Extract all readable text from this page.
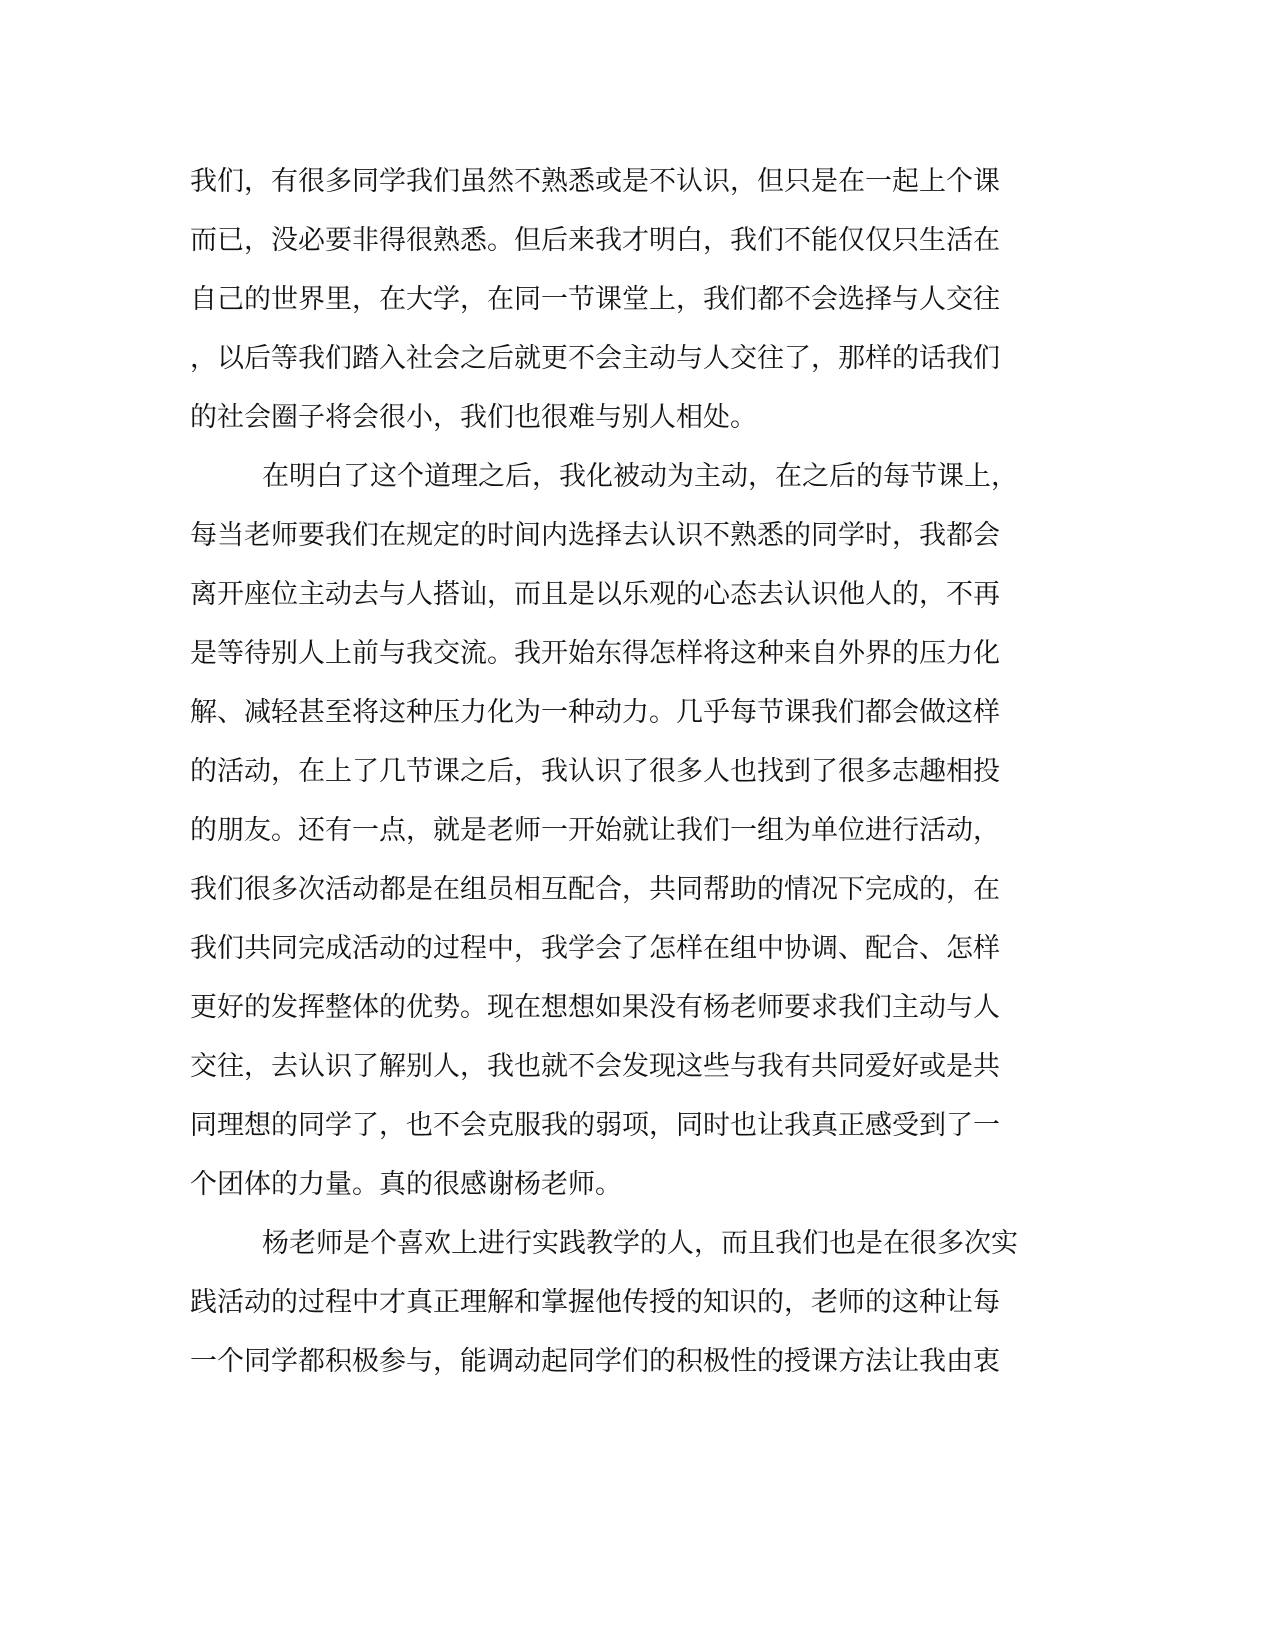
我们，有很多同学我们虽然不熟悉或是不认识，但只是在一起上个课

而已，没必要非得很熟悉。但后来我才明白，我们不能仅仅只生活在

自己的世界里，在大学，在同一节课堂上，我们都不会选择与人交往

，以后等我们踏入社会之后就更不会主动与人交往了，那样的话我们

的社会圈子将会很小，我们也很难与别人相处。

在明白了这个道理之后，我化被动为主动，在之后的每节课上，

每当老师要我们在规定的时间内选择去认识不熟悉的同学时，我都会

离开座位主动去与人搭讪，而且是以乐观的心态去认识他人的，不再

是等待别人上前与我交流。我开始东得怎样将这种来自外界的压力化

解、减轻甚至将这种压力化为一种动力。几乎每节课我们都会做这样

的活动，在上了几节课之后，我认识了很多人也找到了很多志趣相投

的朋友。还有一点，就是老师一开始就让我们一组为单位进行活动，

我们很多次活动都是在组员相互配合，共同帮助的情况下完成的，在

我们共同完成活动的过程中，我学会了怎样在组中协调、配合、怎样

更好的发挥整体的优势。现在想想如果没有杨老师要求我们主动与人

交往，去认识了解别人，我也就不会发现这些与我有共同爱好或是共

同理想的同学了，也不会克服我的弱项，同时也让我真正感受到了一

个团体的力量。真的很感谢杨老师。

杨老师是个喜欢上进行实践教学的人，而且我们也是在很多次实

践活动的过程中才真正理解和掌握他传授的知识的，老师的这种让每

一个同学都积极参与，能调动起同学们的积极性的授课方法让我由衷
